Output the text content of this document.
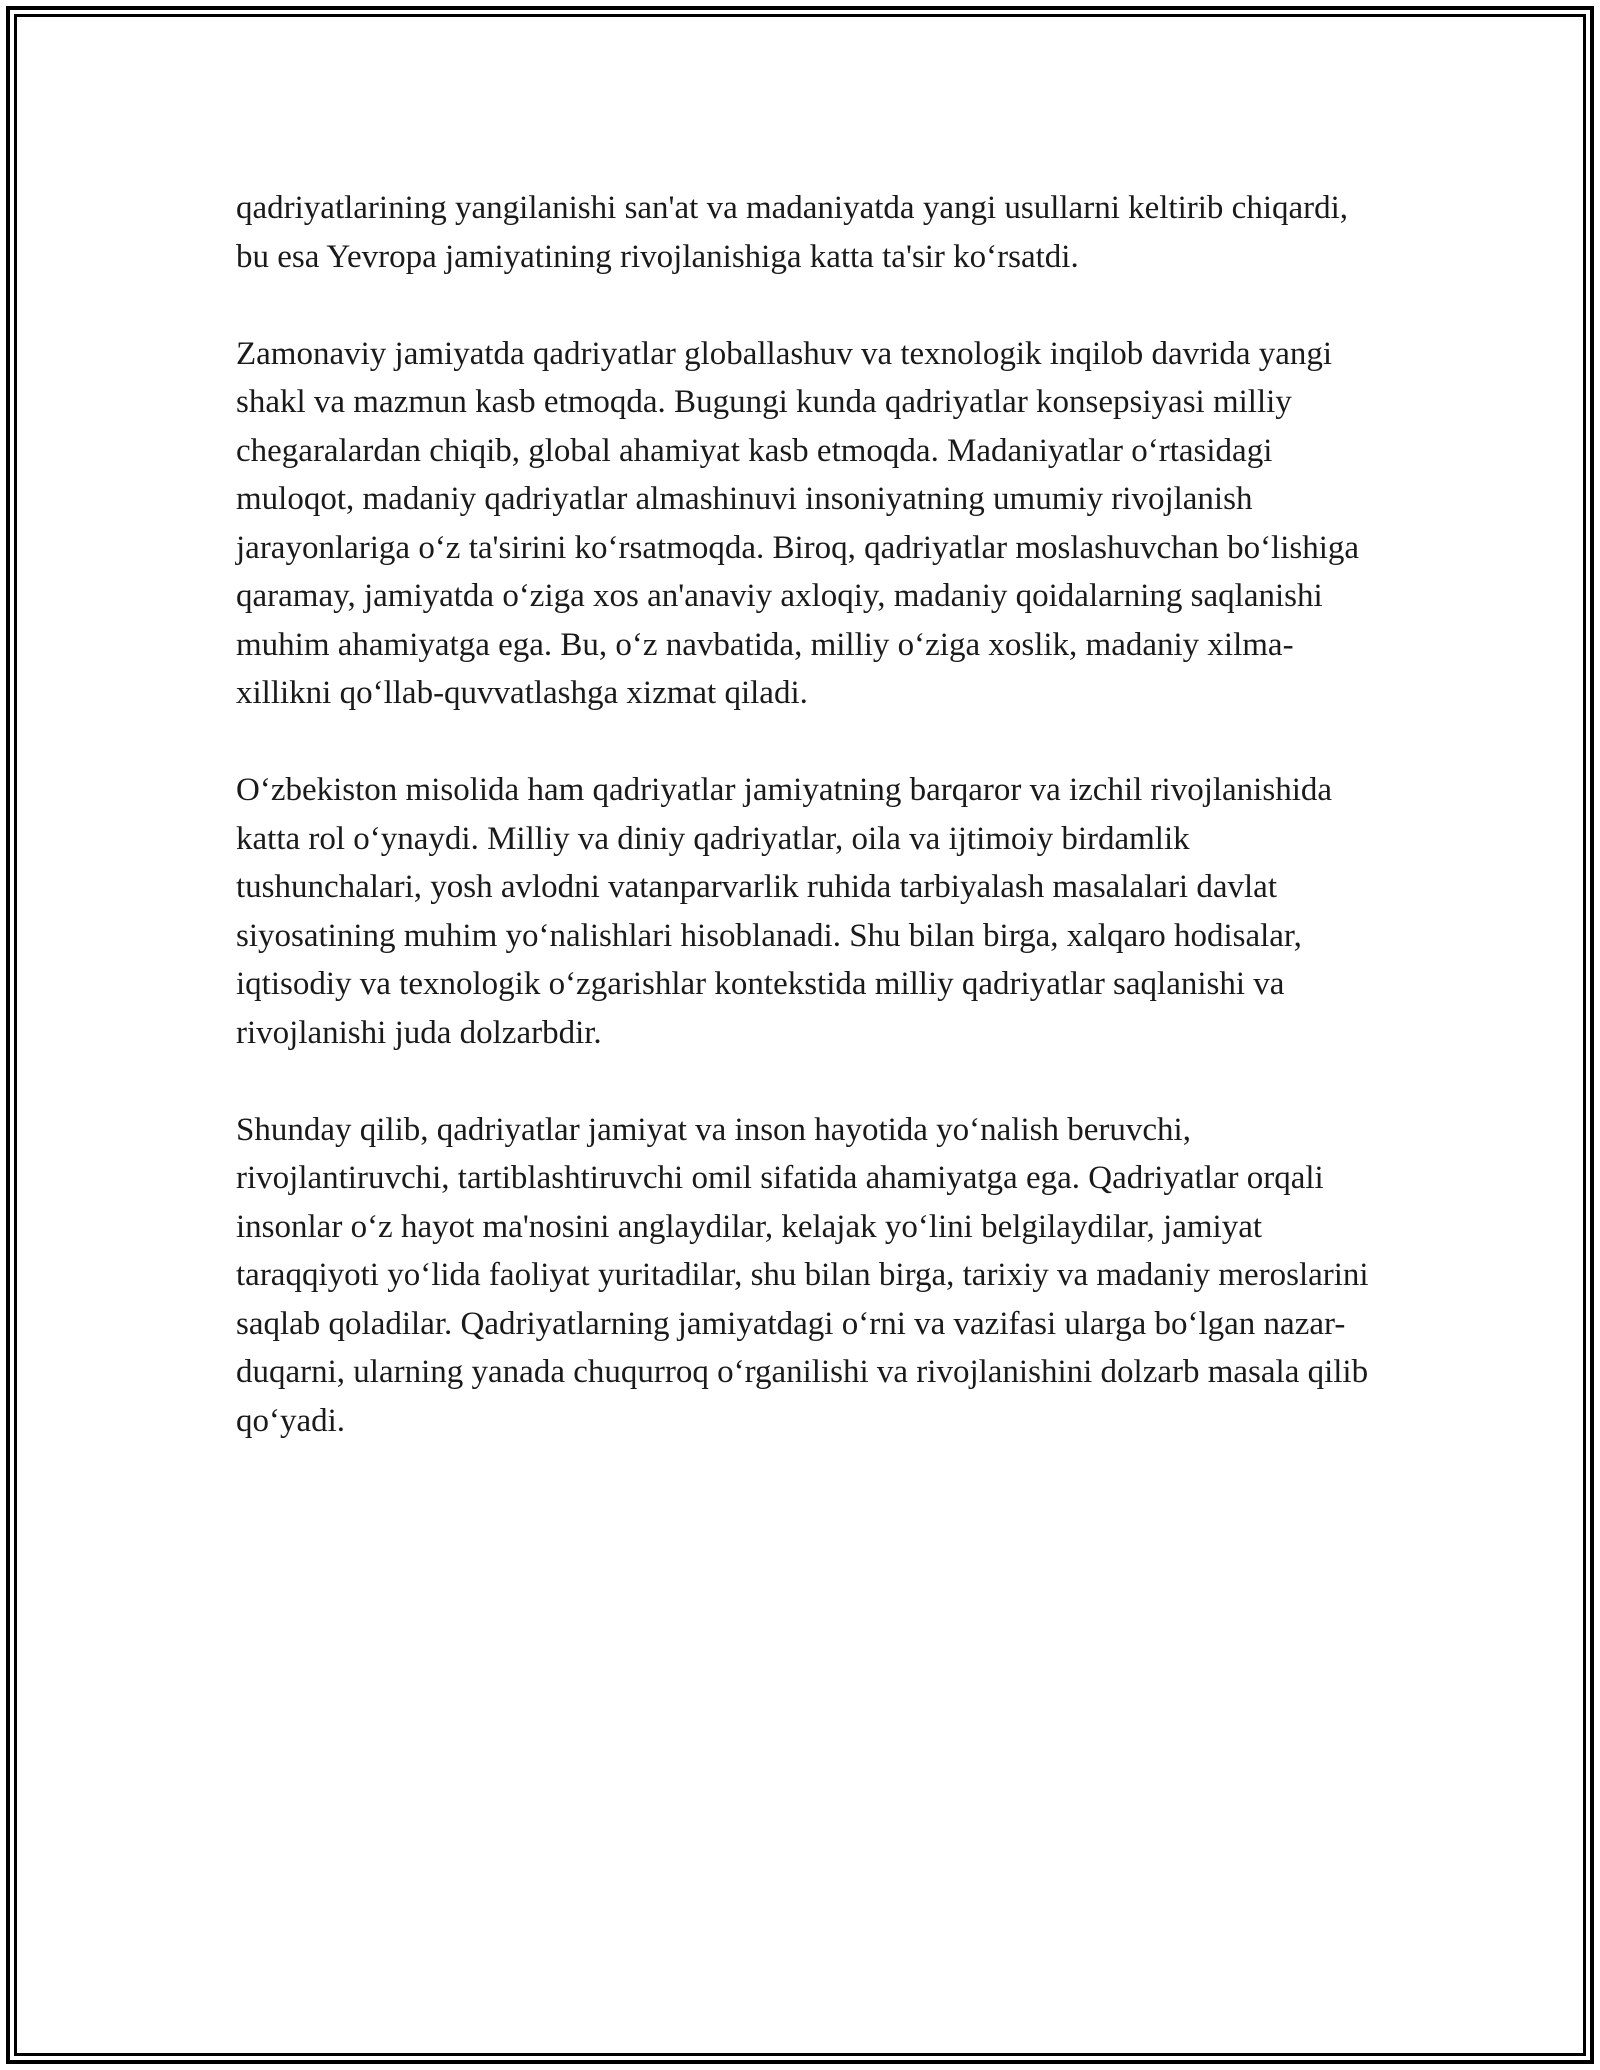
qadriyatlarining yangilanishi san'at va madaniyatda yangi usullarni keltirib chiqardi, bu esa Yevropa jamiyatining rivojlanishiga katta ta'sir ko‘rsatdi.

Zamonaviy jamiyatda qadriyatlar globallashuv va texnologik inqilob davrida yangi shakl va mazmun kasb etmoqda. Bugungi kunda qadriyatlar konsepsiyasi milliy chegaralardan chiqib, global ahamiyat kasb etmoqda. Madaniyatlar o‘rtasidagi muloqot, madaniy qadriyatlar almashinuvi insoniyatning umumiy rivojlanish jarayonlariga o‘z ta'sirini ko‘rsatmoqda. Biroq, qadriyatlar moslashuvchan bo‘lishiga qaramay, jamiyatda o‘ziga xos an'anaviy axloqiy, madaniy qoidalarning saqlanishi muhim ahamiyatga ega. Bu, o‘z navbatida, milliy o‘ziga xoslik, madaniy xilma-xillikni qo‘llab-quvvatlashga xizmat qiladi.

O‘zbekiston misolida ham qadriyatlar jamiyatning barqaror va izchil rivojlanishida katta rol o‘ynaydi. Milliy va diniy qadriyatlar, oila va ijtimoiy birdamlik tushunchalari, yosh avlodni vatanparvarlik ruhida tarbiyalash masalalari davlat siyosatining muhim yo‘nalishlari hisoblanadi. Shu bilan birga, xalqaro hodisalar, iqtisodiy va texnologik o‘zgarishlar kontekstida milliy qadriyatlar saqlanishi va rivojlanishi juda dolzarbdir.

Shunday qilib, qadriyatlar jamiyat va inson hayotida yo‘nalish beruvchi, rivojlantiruvchi, tartiblashtiruvchi omil sifatida ahamiyatga ega. Qadriyatlar orqali insonlar o‘z hayot ma'nosini anglaydilar, kelajak yo‘lini belgilaydilar, jamiyat taraqqiyoti yo‘lida faoliyat yuritadilar, shu bilan birga, tarixiy va madaniy meroslarini saqlab qoladilar. Qadriyatlarning jamiyatdagi o‘rni va vazifasi ularga bo‘lgan nazar-duqarni, ularning yanada chuqurroq o‘rganilishi va rivojlanishini dolzarb masala qilib qo‘yadi.
